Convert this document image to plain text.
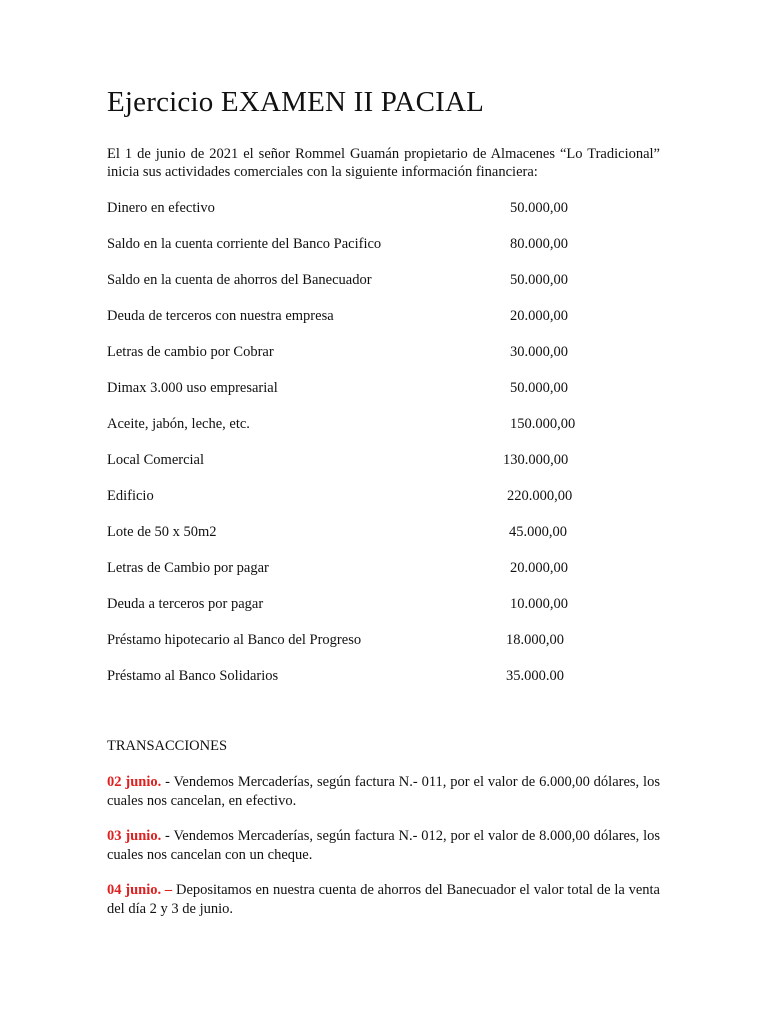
Ejercicio EXAMEN II PACIAL

El 1 de junio de 2021 el señor Rommel Guamán propietario de Almacenes “Lo Tradicional” inicia sus actividades comerciales con la siguiente información financiera:

Dinero en efectivo	50.000,00
Saldo en la cuenta corriente del Banco Pacifico	80.000,00
Saldo en la cuenta de ahorros del Banecuador	50.000,00
Deuda de terceros con nuestra empresa	20.000,00
Letras de cambio por Cobrar	30.000,00
Dimax 3.000 uso empresarial	50.000,00
Aceite, jabón, leche, etc.	150.000,00
Local Comercial	130.000,00
Edificio	220.000,00
Lote de 50 x 50m2	45.000,00
Letras de Cambio por pagar	20.000,00
Deuda a terceros por pagar	10.000,00
Préstamo hipotecario al Banco del Progreso	18.000,00
Préstamo al Banco Solidarios	35.000.00

TRANSACCIONES

02 junio. - Vendemos Mercaderías, según factura N.- 011, por el valor de 6.000,00 dólares, los cuales nos cancelan, en efectivo.

03 junio. - Vendemos Mercaderías, según factura N.- 012, por el valor de 8.000,00 dólares, los cuales nos cancelan con un cheque.

04 junio. – Depositamos en nuestra cuenta de ahorros del Banecuador el valor total de la venta del día 2 y 3 de junio.
